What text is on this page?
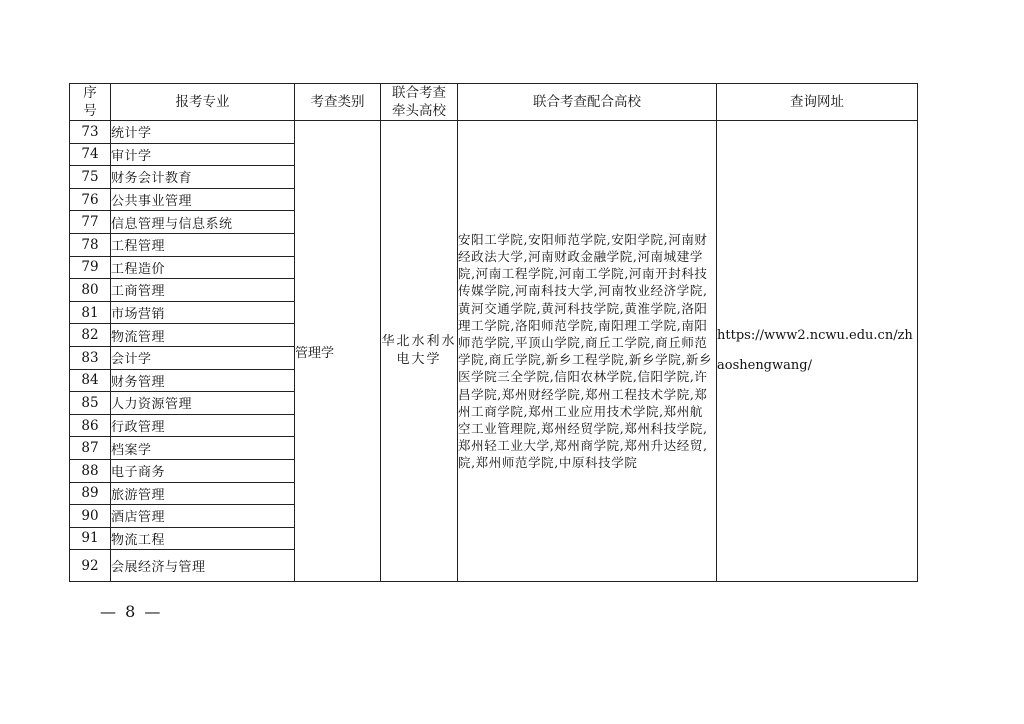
序号	报考专业	考查类别	联合考查牵头高校	联合考查配合高校	查询网址
73	统计学	管理学	华北水利水电大学	安阳工学院,安阳师范学院,安阳学院,河南财经政法大学,河南财政金融学院,河南城建学院,河南工程学院,河南工学院,河南开封科技传媒学院,河南科技大学,河南牧业经济学院,黄河交通学院,黄河科技学院,黄淮学院,洛阳理工学院,洛阳师范学院,南阳理工学院,南阳师范学院,平顶山学院,商丘工学院,商丘师范学院,商丘学院,新乡工程学院,新乡学院,新乡医学院三全学院,信阳农林学院,信阳学院,许昌学院,郑州财经学院,郑州工程技术学院,郑州工商学院,郑州工业应用技术学院,郑州航空工业管理院,郑州经贸学院,郑州科技学院,郑州轻工业大学,郑州商学院,郑州升达经贸,院,郑州师范学院,中原科技学院	https://www2.ncwu.edu.cn/zhaoshengwang/
74	审计学				
75	财务会计教育				
76	公共事业管理				
77	信息管理与信息系统				
78	工程管理				
79	工程造价				
80	工商管理				
81	市场营销				
82	物流管理				
83	会计学				
84	财务管理				
85	人力资源管理				
86	行政管理				
87	档案学				
88	电子商务				
89	旅游管理				
90	酒店管理				
91	物流工程				
92	会展经济与管理				
— 8 —
